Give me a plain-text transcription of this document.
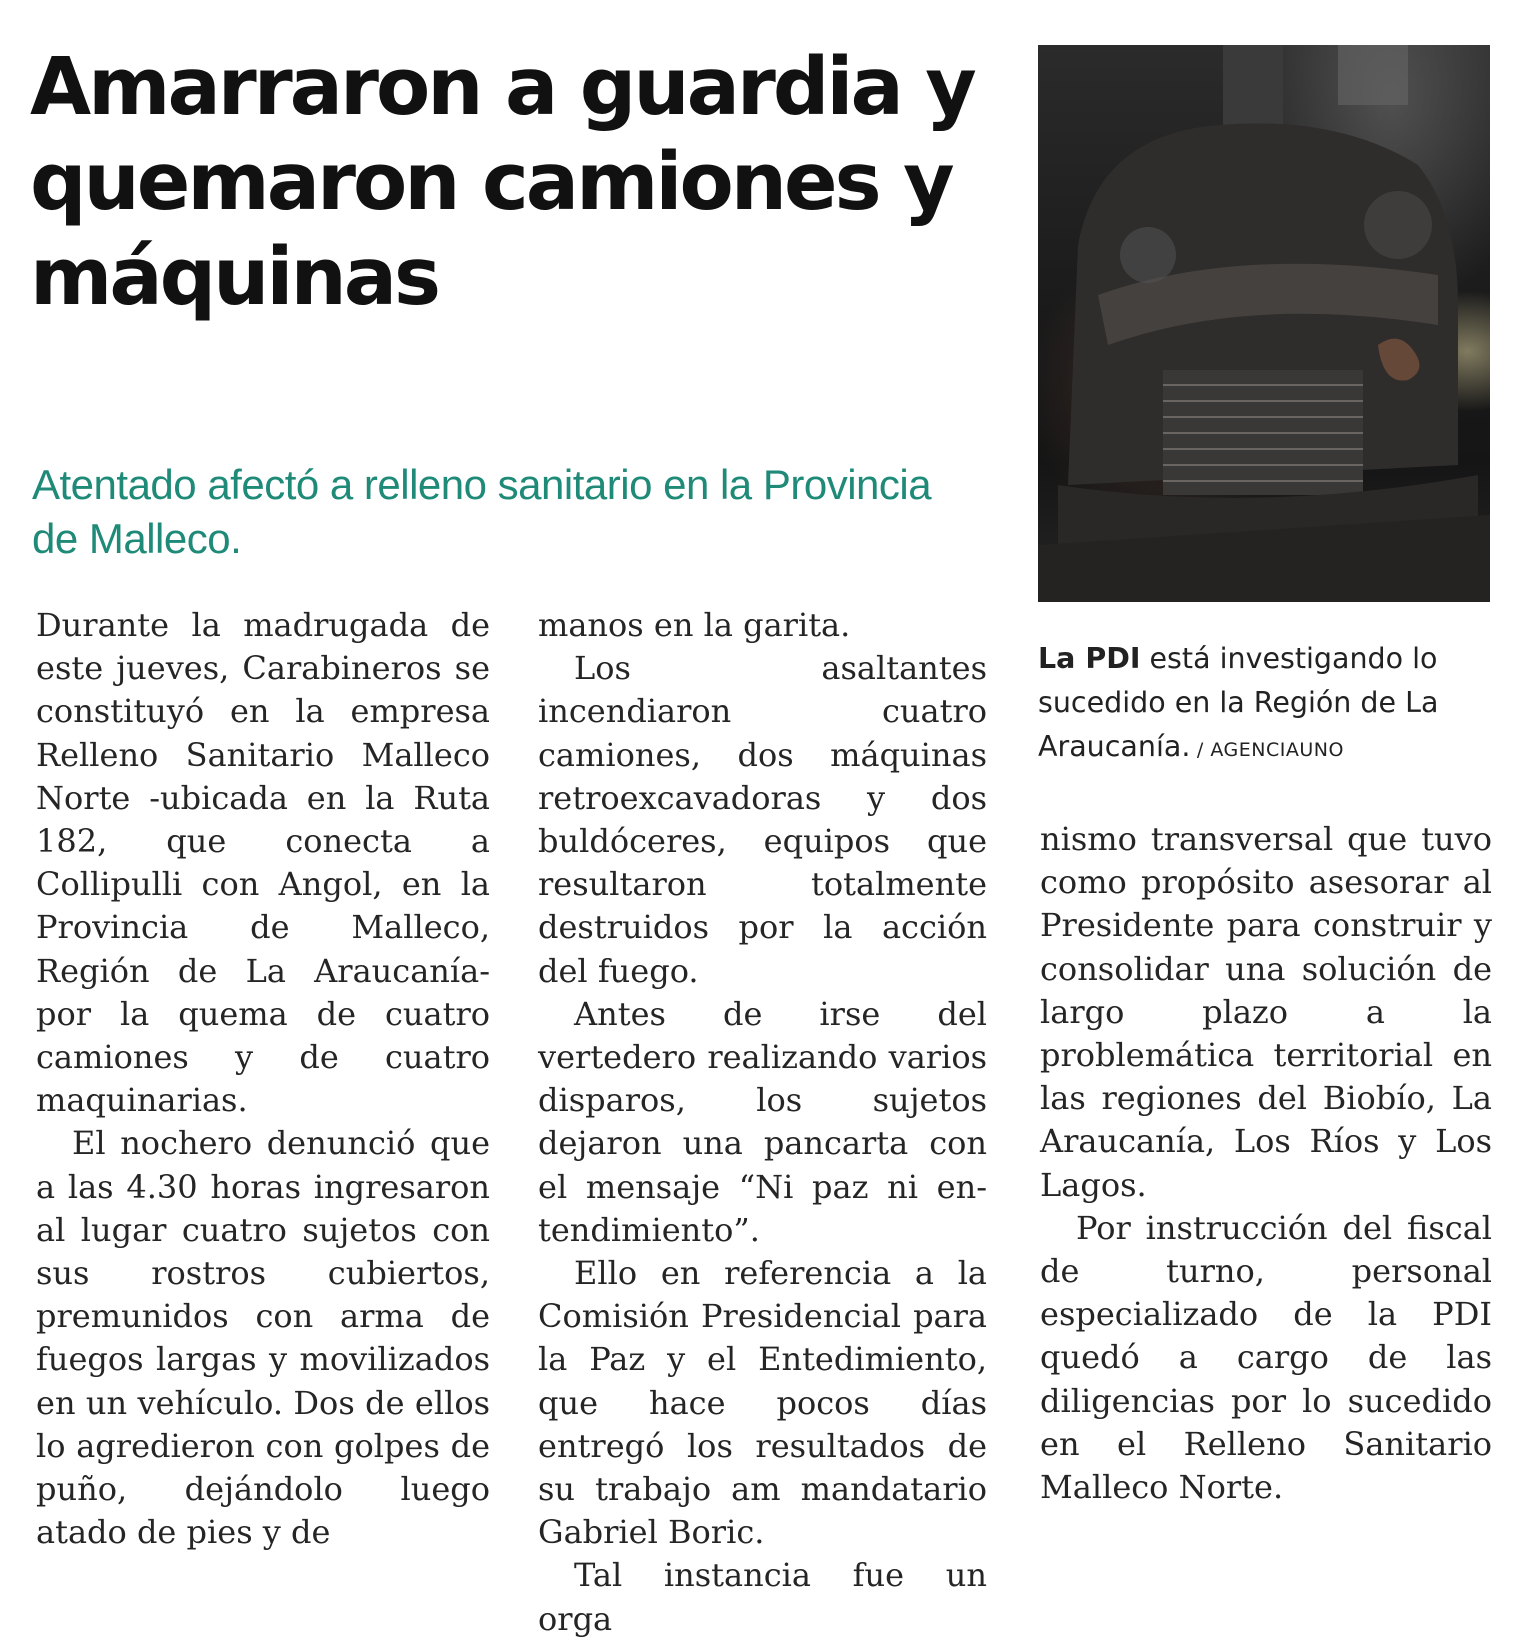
Amarraron a guardia y quemaron camiones y máquinas
Atentado afectó a relleno sanitario en la Provincia de Malleco.
La PDI está investigando lo sucedido en la Región de La Araucanía. / AGENCIAUNO

Durante la madrugada de este jueves, Carabineros se constituyó en la empresa Relleno Sanitario Malleco Norte -ubicada en la Ruta 182, que conecta a Collipulli con Angol, en la Provincia de Malleco, Región de La Araucanía- por la quema de cuatro camiones y de cuatro maquinarias.

El nochero denunció que a las 4.30 horas ingresaron al lugar cuatro sujetos con sus rostros cubiertos, premunidos con arma de fuegos largas y movilizados en un vehículo. Dos de ellos lo agredieron con golpes de puño, dejándolo luego atado de pies y de

manos en la garita.

Los asaltantes incendiaron cuatro camiones, dos máquinas retroexcavadoras y dos buldóceres, equipos que resultaron totalmente destruidos por la acción del fuego.

Antes de irse del vertedero realizando varios disparos, los sujetos dejaron una pancarta con el mensaje “Ni paz ni entendimiento”.

Ello en referencia a la Comisión Presidencial para la Paz y el Entedimiento, que hace pocos días entregó los resultados de su trabajo am mandatario Gabriel Boric.

Tal instancia fue un orga

nismo transversal que tuvo como propósito asesorar al Presidente para construir y consolidar una solución de largo plazo a la problemática territorial en las regiones del Biobío, La Araucanía, Los Ríos y Los Lagos.

Por instrucción del fiscal de turno, personal especializado de la PDI quedó a cargo de las diligencias por lo sucedido en el Relleno Sanitario Malleco Norte.
